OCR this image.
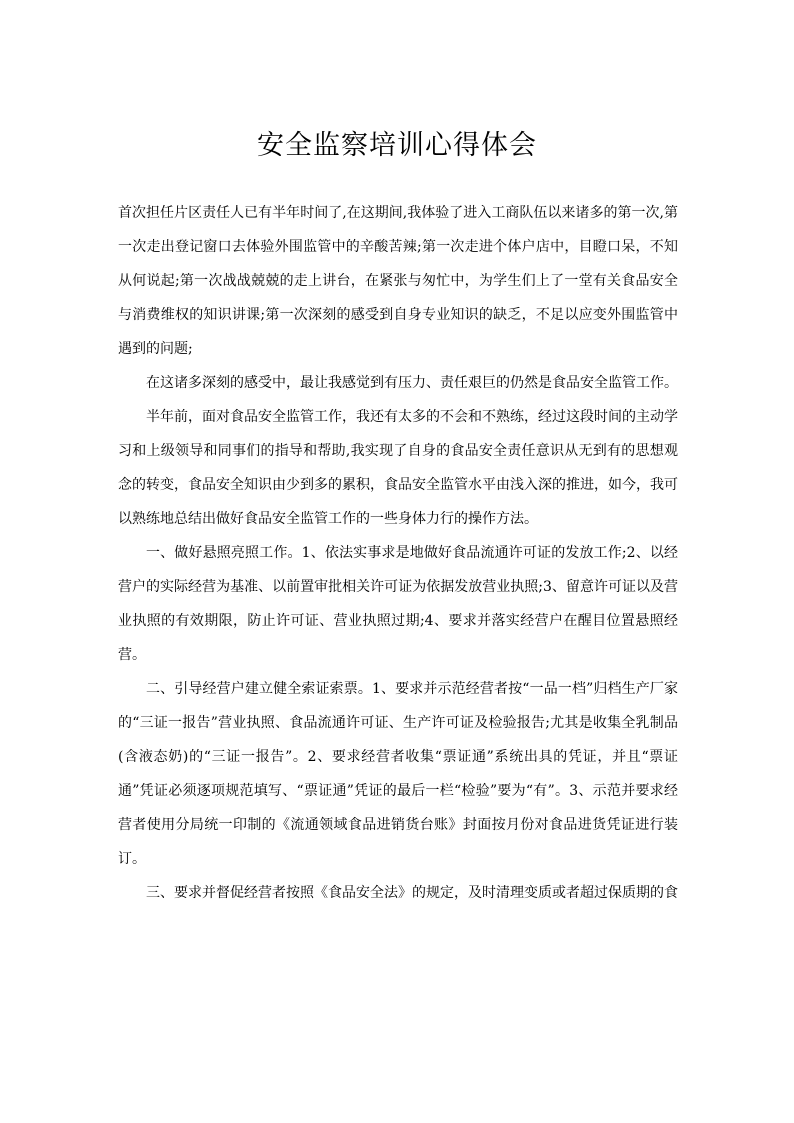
安全监察培训心得体会

首次担任片区责任人已有半年时间了,在这期间,我体验了进入工商队伍以来诸多的第一次,第一次走出登记窗口去体验外围监管中的辛酸苦辣;第一次走进个体户店中，目瞪口呆，不知从何说起;第一次战战兢兢的走上讲台，在紧张与匆忙中，为学生们上了一堂有关食品安全与消费维权的知识讲课;第一次深刻的感受到自身专业知识的缺乏，不足以应变外围监管中遇到的问题;

在这诸多深刻的感受中，最让我感觉到有压力、责任艰巨的仍然是食品安全监管工作。

半年前，面对食品安全监管工作，我还有太多的不会和不熟练，经过这段时间的主动学习和上级领导和同事们的指导和帮助,我实现了自身的食品安全责任意识从无到有的思想观念的转变，食品安全知识由少到多的累积，食品安全监管水平由浅入深的推进，如今，我可以熟练地总结出做好食品安全监管工作的一些身体力行的操作方法。

一、做好悬照亮照工作。1、依法实事求是地做好食品流通许可证的发放工作;2、以经营户的实际经营为基准、以前置审批相关许可证为依据发放营业执照;3、留意许可证以及营业执照的有效期限，防止许可证、营业执照过期;4、要求并落实经营户在醒目位置悬照经营。

二、引导经营户建立健全索证索票。1、要求并示范经营者按“一品一档”归档生产厂家的“三证一报告”营业执照、食品流通许可证、生产许可证及检验报告;尤其是收集全乳制品(含液态奶)的“三证一报告”。2、要求经营者收集“票证通”系统出具的凭证，并且“票证通”凭证必须逐项规范填写、“票证通”凭证的最后一栏“检验”要为“有”。3、示范并要求经营者使用分局统一印制的《流通领域食品进销货台账》封面按月份对食品进货凭证进行装订。

三、要求并督促经营者按照《食品安全法》的规定，及时清理变质或者超过保质期的食
